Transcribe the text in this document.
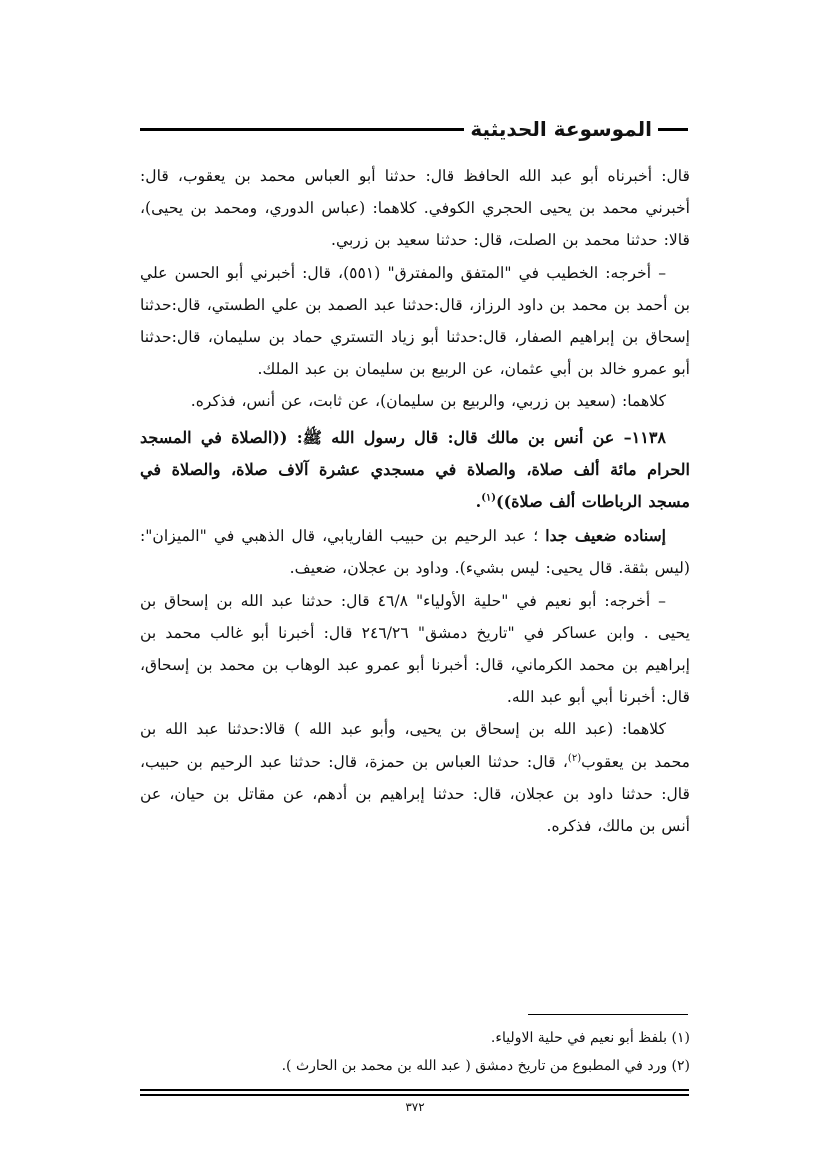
الموسوعة الحديثية

قال: أخبرناه أبو عبد الله الحافظ قال: حدثنا أبو العباس محمد بن يعقوب، قال: أخبرني محمد بن يحيى الحجري الكوفي. كلاهما: (عباس الدوري، ومحمد بن يحيى)، قالا: حدثنا محمد بن الصلت، قال: حدثنا سعيد بن زربي.

– أخرجه: الخطيب في "المتفق والمفترق" (٥٥١)، قال: أخبرني أبو الحسن علي بن أحمد بن محمد بن داود الرزاز، قال:حدثنا عبد الصمد بن علي الطستي، قال:حدثنا إسحاق بن إبراهيم الصفار، قال:حدثنا أبو زياد التستري حماد بن سليمان، قال:حدثنا أبو عمرو خالد بن أبي عثمان، عن الربيع بن سليمان بن عبد الملك.

كلاهما: (سعيد بن زربي، والربيع بن سليمان)، عن ثابت، عن أنس، فذكره.

١١٣٨– عن أنس بن مالك قال: قال رسول الله ﷺ: ((الصلاة في المسجد الحرام مائة ألف صلاة، والصلاة في مسجدي عشرة آلاف صلاة، والصلاة في مسجد الرباطات ألف صلاة))$^{(١)}$.

إسناده ضعيف جدا ؛ عبد الرحيم بن حبيب الفاريابي، قال الذهبي في "الميزان": (ليس بثقة. قال يحيى: ليس بشيء). وداود بن عجلان، ضعيف.

– أخرجه: أبو نعيم في "حلية الأولياء" ٤٦/٨ قال: حدثنا عبد الله بن إسحاق بن يحيى . وابن عساكر في "تاريخ دمشق" ٢٤٦/٢٦ قال: أخبرنا أبو غالب محمد بن إبراهيم بن محمد الكرماني، قال: أخبرنا أبو عمرو عبد الوهاب بن محمد بن إسحاق، قال: أخبرنا أبي أبو عبد الله.

كلاهما: (عبد الله بن إسحاق بن يحيى، وأبو عبد الله ) قالا:حدثنا عبد الله بن محمد بن يعقوب$^{(٢)}$، قال: حدثنا العباس بن حمزة، قال: حدثنا عبد الرحيم بن حبيب، قال: حدثنا داود بن عجلان، قال: حدثنا إبراهيم بن أدهم، عن مقاتل بن حيان، عن أنس بن مالك، فذكره.

(١) بلفظ أبو نعيم في حلية الاولياء.

(٢) ورد في المطبوع من تاريخ دمشق ( عبد الله بن محمد بن الحارث ).

٣٧٢
